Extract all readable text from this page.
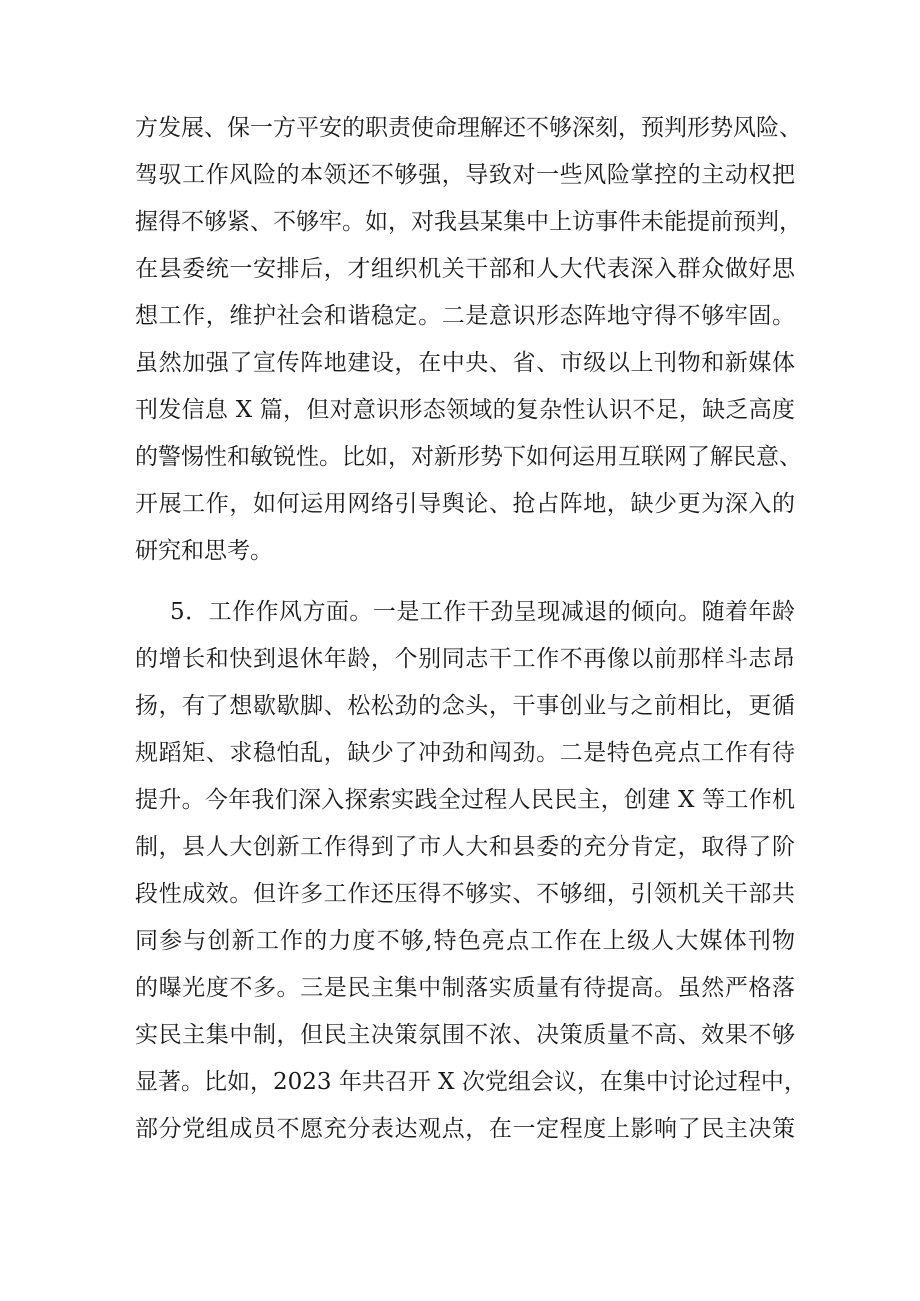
方发展、保一方平安的职责使命理解还不够深刻，预判形势风险、
驾驭工作风险的本领还不够强，导致对一些风险掌控的主动权把
握得不够紧、不够牢。如，对我县某集中上访事件未能提前预判，
在县委统一安排后，才组织机关干部和人大代表深入群众做好思
想工作，维护社会和谐稳定。二是意识形态阵地守得不够牢固。
虽然加强了宣传阵地建设，在中央、省、市级以上刊物和新媒体
刊发信息 X 篇，但对意识形态领域的复杂性认识不足，缺乏高度
的警惕性和敏锐性。比如，对新形势下如何运用互联网了解民意、
开展工作，如何运用网络引导舆论、抢占阵地，缺少更为深入的
研究和思考。
5．工作作风方面。一是工作干劲呈现减退的倾向。随着年龄
的增长和快到退休年龄，个别同志干工作不再像以前那样斗志昂
扬，有了想歇歇脚、松松劲的念头，干事创业与之前相比，更循
规蹈矩、求稳怕乱，缺少了冲劲和闯劲。二是特色亮点工作有待
提升。今年我们深入探索实践全过程人民民主，创建 X 等工作机
制，县人大创新工作得到了市人大和县委的充分肯定，取得了阶
段性成效。但许多工作还压得不够实、不够细，引领机关干部共
同参与创新工作的力度不够,特色亮点工作在上级人大媒体刊物
的曝光度不多。三是民主集中制落实质量有待提高。虽然严格落
实民主集中制，但民主决策氛围不浓、决策质量不高、效果不够
显著。比如，2023 年共召开 X 次党组会议，在集中讨论过程中，
部分党组成员不愿充分表达观点，在一定程度上影响了民主决策
